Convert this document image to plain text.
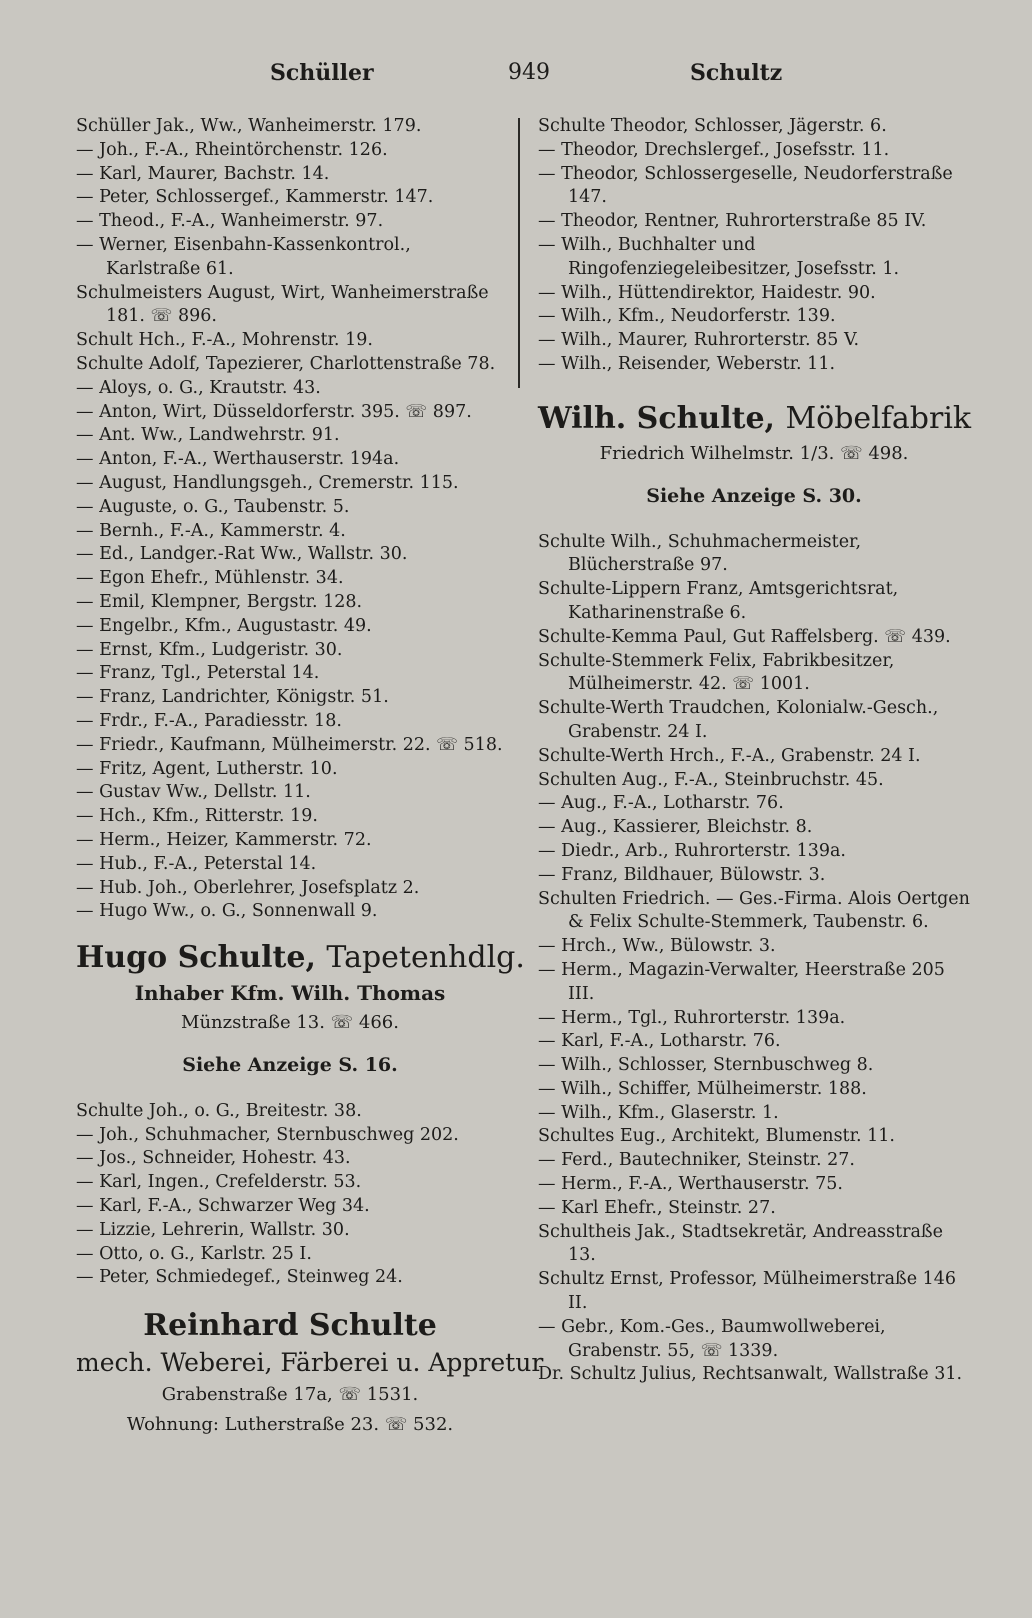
Schüller	949	Schultz
Schüller Jak., Ww., Wanheimerstr. 179.
— Joh., F.-A., Rheintörchenstr. 126.
— Karl, Maurer, Bachstr. 14.
— Peter, Schlossergef., Kammerstr. 147.
— Theod., F.-A., Wanheimerstr. 97.
— Werner, Eisenbahn-Kassenkontrol., Karlstraße 61.
Schulmeisters August, Wirt, Wanheimerstraße 181. ☏ 896.
Schult Hch., F.-A., Mohrenstr. 19.
Schulte Adolf, Tapezierer, Charlottenstraße 78.
— Aloys, o. G., Krautstr. 43.
— Anton, Wirt, Düsseldorferstr. 395. ☏ 897.
— Ant. Ww., Landwehrstr. 91.
— Anton, F.-A., Werthauserstr. 194a.
— August, Handlungsgeh., Cremerstr. 115.
— Auguste, o. G., Taubenstr. 5.
— Bernh., F.-A., Kammerstr. 4.
— Ed., Landger.-Rat Ww., Wallstr. 30.
— Egon Ehefr., Mühlenstr. 34.
— Emil, Klempner, Bergstr. 128.
— Engelbr., Kfm., Augustastr. 49.
— Ernst, Kfm., Ludgeristr. 30.
— Franz, Tgl., Peterstal 14.
— Franz, Landrichter, Königstr. 51.
— Frdr., F.-A., Paradiesstr. 18.
— Friedr., Kaufmann, Mülheimerstr. 22. ☏ 518.
— Fritz, Agent, Lutherstr. 10.
— Gustav Ww., Dellstr. 11.
— Hch., Kfm., Ritterstr. 19.
— Herm., Heizer, Kammerstr. 72.
— Hub., F.-A., Peterstal 14.
— Hub. Joh., Oberlehrer, Josefsplatz 2.
— Hugo Ww., o. G., Sonnenwall 9.
Hugo Schulte, Tapetenhdlg.
Inhaber Kfm. Wilh. Thomas
Münzstraße 13. ☏ 466.
Siehe Anzeige S. 16.
Schulte Joh., o. G., Breitestr. 38.
— Joh., Schuhmacher, Sternbuschweg 202.
— Jos., Schneider, Hohestr. 43.
— Karl, Ingen., Crefelderstr. 53.
— Karl, F.-A., Schwarzer Weg 34.
— Lizzie, Lehrerin, Wallstr. 30.
— Otto, o. G., Karlstr. 25 I.
— Peter, Schmiedegef., Steinweg 24.
Reinhard Schulte
mech. Weberei, Färberei u. Appretur
Grabenstraße 17a, ☏ 1531.
Wohnung: Lutherstraße 23. ☏ 532.
Schulte Theodor, Schlosser, Jägerstr. 6.
— Theodor, Drechslergef., Josefsstr. 11.
— Theodor, Schlossergeselle, Neudorferstraße 147.
— Theodor, Rentner, Ruhrorterstraße 85 IV.
— Wilh., Buchhalter und Ringofenziegeleibesitzer, Josefsstr. 1.
— Wilh., Hüttendirektor, Haidestr. 90.
— Wilh., Kfm., Neudorferstr. 139.
— Wilh., Maurer, Ruhrorterstr. 85 V.
— Wilh., Reisender, Weberstr. 11.
Wilh. Schulte, Möbelfabrik
Friedrich Wilhelmstr. 1/3. ☏ 498.
Siehe Anzeige S. 30.
Schulte Wilh., Schuhmachermeister, Blücherstraße 97.
Schulte-Lippern Franz, Amtsgerichtsrat, Katharinenstraße 6.
Schulte-Kemma Paul, Gut Raffelsberg. ☏ 439.
Schulte-Stemmerk Felix, Fabrikbesitzer, Mülheimerstr. 42. ☏ 1001.
Schulte-Werth Traudchen, Kolonialw.-Gesch., Grabenstr. 24 I.
Schulte-Werth Hrch., F.-A., Grabenstr. 24 I.
Schulten Aug., F.-A., Steinbruchstr. 45.
— Aug., F.-A., Lotharstr. 76.
— Aug., Kassierer, Bleichstr. 8.
— Diedr., Arb., Ruhrorterstr. 139a.
— Franz, Bildhauer, Bülowstr. 3.
Schulten Friedrich. — Ges.-Firma. Alois Oertgen & Felix Schulte-Stemmerk, Taubenstr. 6.
— Hrch., Ww., Bülowstr. 3.
— Herm., Magazin-Verwalter, Heerstraße 205 III.
— Herm., Tgl., Ruhrorterstr. 139a.
— Karl, F.-A., Lotharstr. 76.
— Wilh., Schlosser, Sternbuschweg 8.
— Wilh., Schiffer, Mülheimerstr. 188.
— Wilh., Kfm., Glaserstr. 1.
Schultes Eug., Architekt, Blumenstr. 11.
— Ferd., Bautechniker, Steinstr. 27.
— Herm., F.-A., Werthauserstr. 75.
— Karl Ehefr., Steinstr. 27.
Schultheis Jak., Stadtsekretär, Andreasstraße 13.
Schultz Ernst, Professor, Mülheimerstraße 146 II.
— Gebr., Kom.-Ges., Baumwollweberei, Grabenstr. 55, ☏ 1339.
Dr. Schultz Julius, Rechtsanwalt, Wallstraße 31.
